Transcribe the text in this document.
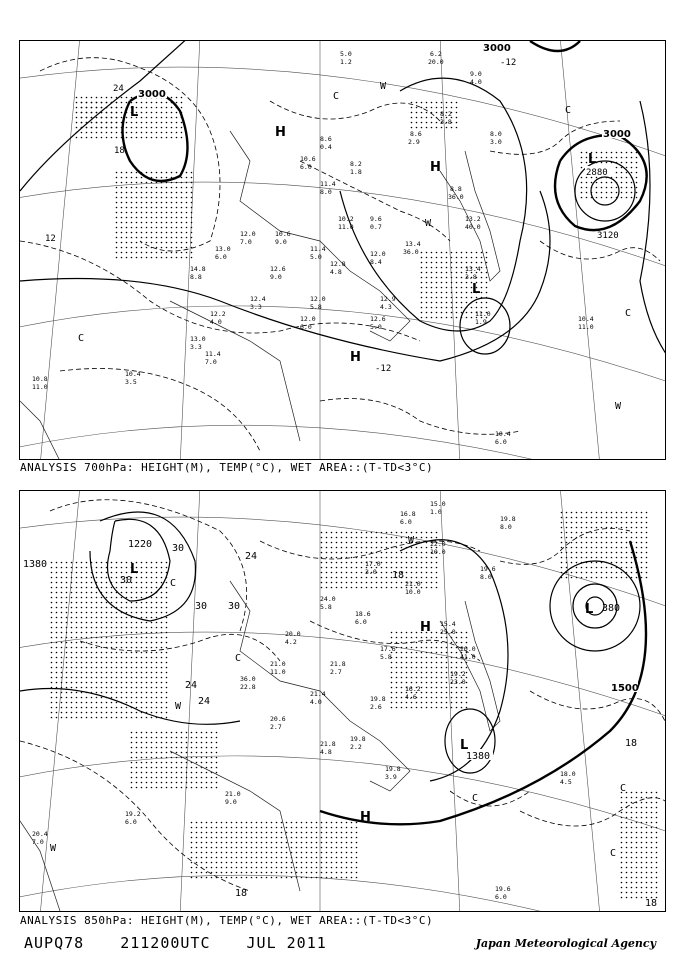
5.0
1.2
6.2
20.0
9.0
4.0
8.6
0.4
8.6
2.9
8.2
3.8
8.0
3.0
10.6
6.0	8.2
1.8
8.8
36.0
11.4
8.0
10.2
11.0
9.6
0.7
13.2
40.0
12.0
7.0
10.6
9.0	13.4
36.0
13.0
6.0
11.4
5.0	12.0
8.4
13.4
3.8
14.8
8.8
12.6
9.0
12.8
4.8
12.4
3.3
12.0
5.8
12.9
4.3
11.0
1.9
12.2
4.0	12.0
6.0
12.6
5.0
13.0
3.3
11.4
7.0
10.4
6.0
10.4
11.0
10.8
11.0
10.4
3.5
3000
3000
3000
3120
2880
L
L
L
H
H
H
W
W
W
C
C
C
C
-12
24
18
-12
12
ANALYSIS 700hPa: HEIGHT(M), TEMP(°C), WET AREA::(T-TD<3°C)
15.0
1.0
19.8
8.0
16.8
6.0
22.0
10.0
17.0
3.0
21.0
10.0
19.6
8.0
15.4
25.0
24.0
5.8
18.6
6.0
20.0
41.0
20.0
4.2
17.6
5.8
19.2
23.0
21.0
11.0
21.8
2.7
16.2
4.6
36.0
22.8
21.4
4.0	19.8
2.6
20.6
2.7
21.8
4.8
19.8
3.9	18.0
4.5
21.0
9.0
19.2
6.0
19.6
6.0
20.4
7.0
19.8
2.2
1220
1380
1380
1500
380
L
L
L
H
H
W
W
W
C
C
C
C
C
30
30
30 30
24
24
24
18
18
18
18
ANALYSIS 850hPa: HEIGHT(M), TEMP(°C), WET AREA::(T-TD<3°C)
AUPQ78 211200UTC JUL 2011	Japan Meteorological Agency
